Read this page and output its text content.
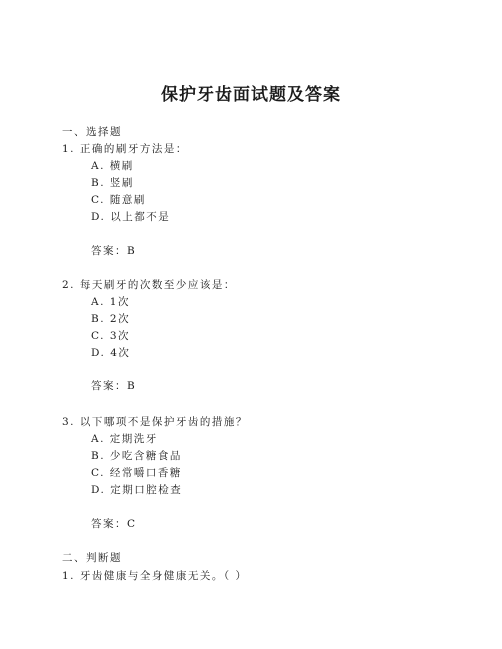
保护牙齿面试题及答案
一、选择题
1. 正确的刷牙方法是：
A. 横刷
B. 竖刷
C. 随意刷
D. 以上都不是
答案：B
2. 每天刷牙的次数至少应该是：
A. 1次
B. 2次
C. 3次
D. 4次
答案：B
3. 以下哪项不是保护牙齿的措施？
A. 定期洗牙
B. 少吃含糖食品
C. 经常嚼口香糖
D. 定期口腔检查
答案：C
二、判断题
1. 牙齿健康与全身健康无关。（ ）
